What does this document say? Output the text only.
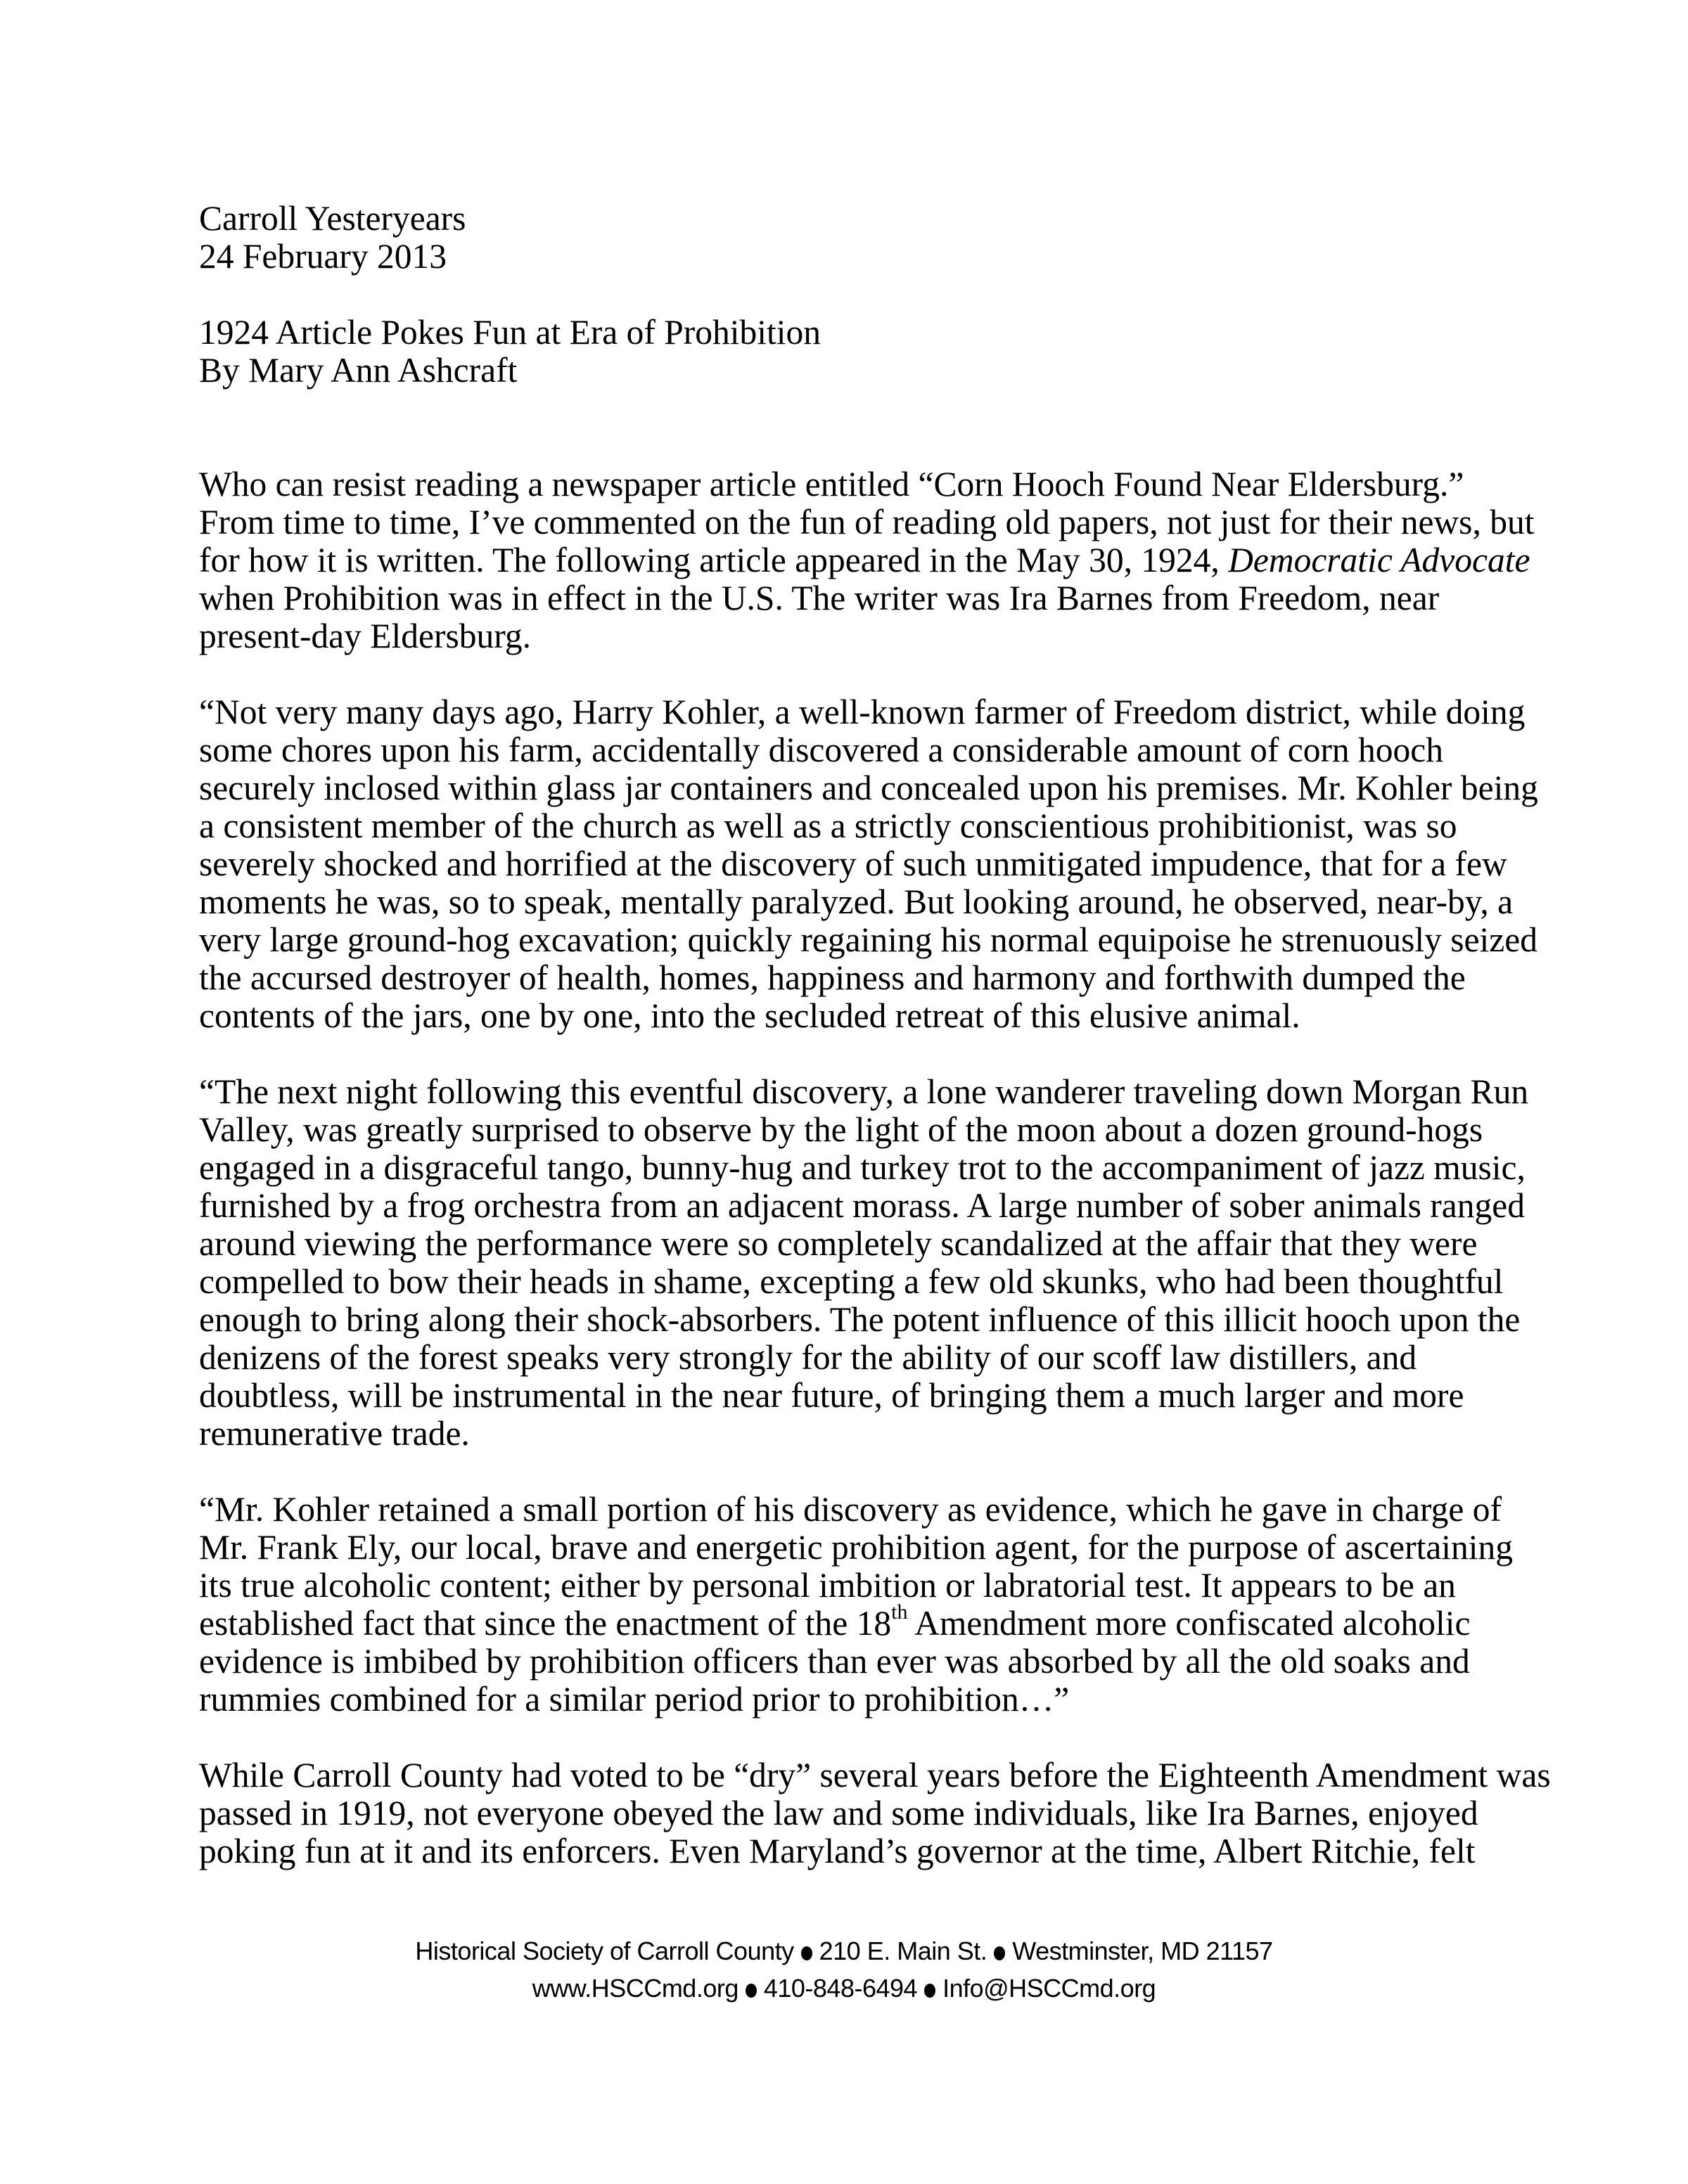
Carroll Yesteryears
24 February 2013
1924 Article Pokes Fun at Era of Prohibition
By Mary Ann Ashcraft
Who can resist reading a newspaper article entitled “Corn Hooch Found Near Eldersburg.”
From time to time, I’ve commented on the fun of reading old papers, not just for their news, but
for how it is written. The following article appeared in the May 30, 1924, Democratic Advocate
when Prohibition was in effect in the U.S. The writer was Ira Barnes from Freedom, near
present-day Eldersburg.
“Not very many days ago, Harry Kohler, a well-known farmer of Freedom district, while doing
some chores upon his farm, accidentally discovered a considerable amount of corn hooch
securely inclosed within glass jar containers and concealed upon his premises. Mr. Kohler being
a consistent member of the church as well as a strictly conscientious prohibitionist, was so
severely shocked and horrified at the discovery of such unmitigated impudence, that for a few
moments he was, so to speak, mentally paralyzed. But looking around, he observed, near-by, a
very large ground-hog excavation; quickly regaining his normal equipoise he strenuously seized
the accursed destroyer of health, homes, happiness and harmony and forthwith dumped the
contents of the jars, one by one, into the secluded retreat of this elusive animal.
“The next night following this eventful discovery, a lone wanderer traveling down Morgan Run
Valley, was greatly surprised to observe by the light of the moon about a dozen ground-hogs
engaged in a disgraceful tango, bunny-hug and turkey trot to the accompaniment of jazz music,
furnished by a frog orchestra from an adjacent morass. A large number of sober animals ranged
around viewing the performance were so completely scandalized at the affair that they were
compelled to bow their heads in shame, excepting a few old skunks, who had been thoughtful
enough to bring along their shock-absorbers. The potent influence of this illicit hooch upon the
denizens of the forest speaks very strongly for the ability of our scoff law distillers, and
doubtless, will be instrumental in the near future, of bringing them a much larger and more
remunerative trade.
“Mr. Kohler retained a small portion of his discovery as evidence, which he gave in charge of
Mr. Frank Ely, our local, brave and energetic prohibition agent, for the purpose of ascertaining
its true alcoholic content; either by personal imbition or labratorial test. It appears to be an
established fact that since the enactment of the 18th Amendment more confiscated alcoholic
evidence is imbibed by prohibition officers than ever was absorbed by all the old soaks and
rummies combined for a similar period prior to prohibition…”
While Carroll County had voted to be “dry” several years before the Eighteenth Amendment was
passed in 1919, not everyone obeyed the law and some individuals, like Ira Barnes, enjoyed
poking fun at it and its enforcers. Even Maryland’s governor at the time, Albert Ritchie, felt
Historical Society of Carroll County 210 E. Main St. Westminster, MD 21157
www.HSCCmd.org 410-848-6494 Info@HSCCmd.org
